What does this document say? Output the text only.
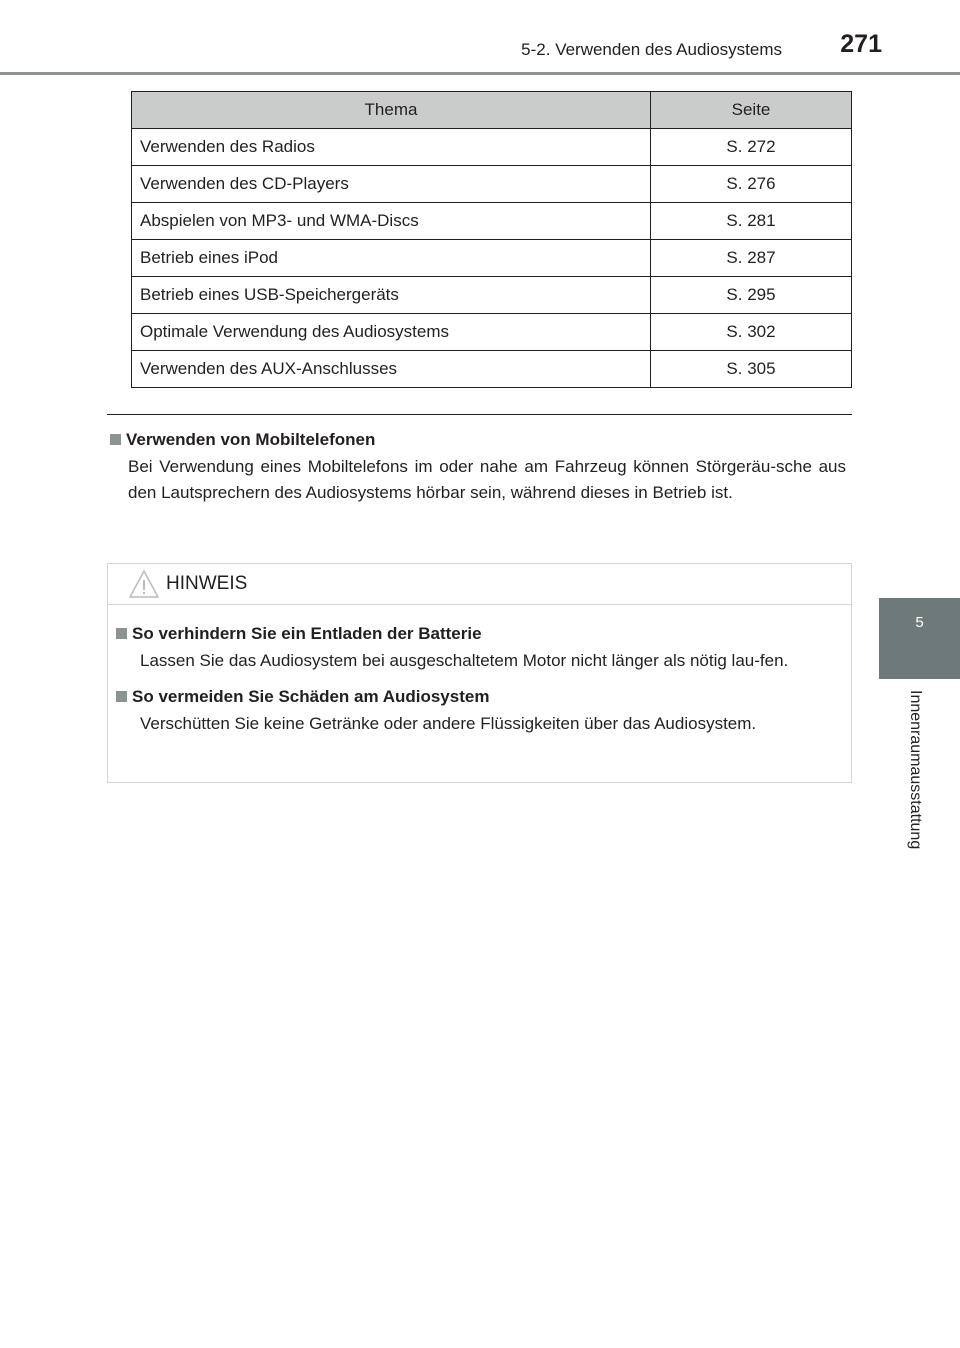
5-2. Verwenden des Audiosystems 271
5
Innenraumausstattung
Thema	Seite
Verwenden des Radios	S. 272
Verwenden des CD-Players	S. 276
Abspielen von MP3- und WMA-Discs	S. 281
Betrieb eines iPod	S. 287
Betrieb eines USB-Speichergeräts	S. 295
Optimale Verwendung des Audiosystems	S. 302
Verwenden des AUX-Anschlusses	S. 305
Verwenden von Mobiltelefonen

Bei Verwendung eines Mobiltelefons im oder nahe am Fahrzeug können Störgeräu-sche aus den Lautsprechern des Audiosystems hörbar sein, während dieses in Betrieb ist.

HINWEIS
So verhindern Sie ein Entladen der Batterie

Lassen Sie das Audiosystem bei ausgeschaltetem Motor nicht länger als nötig lau-fen.

So vermeiden Sie Schäden am Audiosystem

Verschütten Sie keine Getränke oder andere Flüssigkeiten über das Audiosystem.
